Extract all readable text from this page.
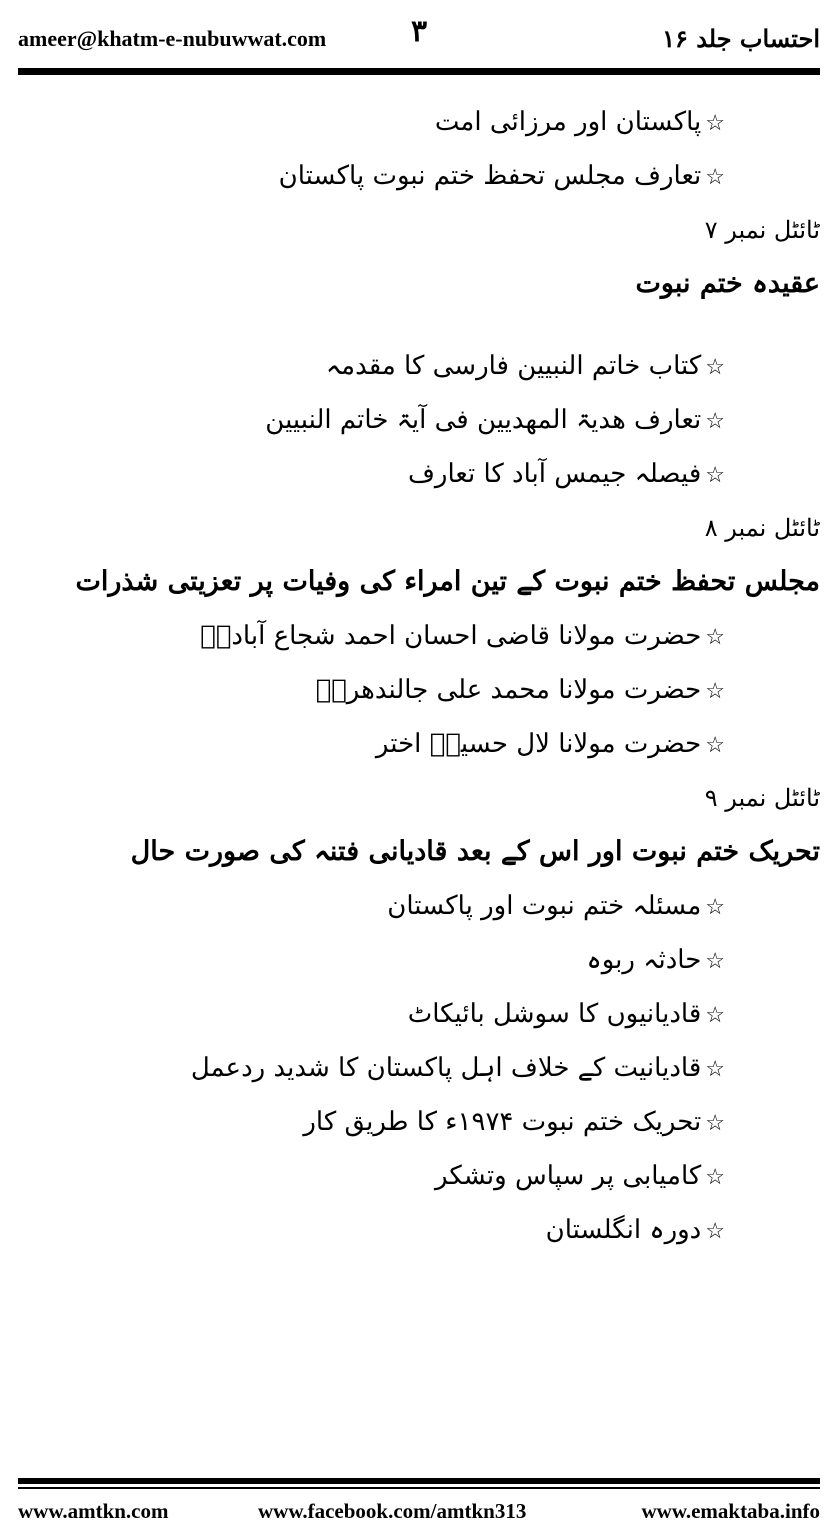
ameer@khatm-e-nubuwwat.com	۳	احتساب جلد ۱۶
☆پاکستان اور مرزائی امت
☆تعارف مجلس تحفظ ختم نبوت پاکستان
ٹائٹل نمبر ۷
عقیدہ ختم نبوت
☆کتاب خاتم النبیین فارسی کا مقدمہ
☆تعارف ھدیۃ المھدیین فی آیۃ خاتم النبیین
☆فیصلہ جیمس آباد کا تعارف
ٹائٹل نمبر ۸
مجلس تحفظ ختم نبوت کے تین امراء کی وفیات پر تعزیتی شذرات
☆حضرت مولانا قاضی احسان احمد شجاع آبادیؒ
☆حضرت مولانا محمد علی جالندھریؒ
☆حضرت مولانا لال حسینؒ اختر
ٹائٹل نمبر ۹
تحریک ختم نبوت اور اس کے بعد قادیانی فتنہ کی صورت حال
☆مسئلہ ختم نبوت اور پاکستان
☆حادثہ ربوہ
☆قادیانیوں کا سوشل بائیکاٹ
☆قادیانیت کے خلاف اہل پاکستان کا شدید ردعمل
☆تحریک ختم نبوت ۱۹۷۴ء کا طریق کار
☆کامیابی پر سپاس وتشکر
☆دورہ انگلستان
www.amtkn.com	www.facebook.com/amtkn313	www.emaktaba.info
